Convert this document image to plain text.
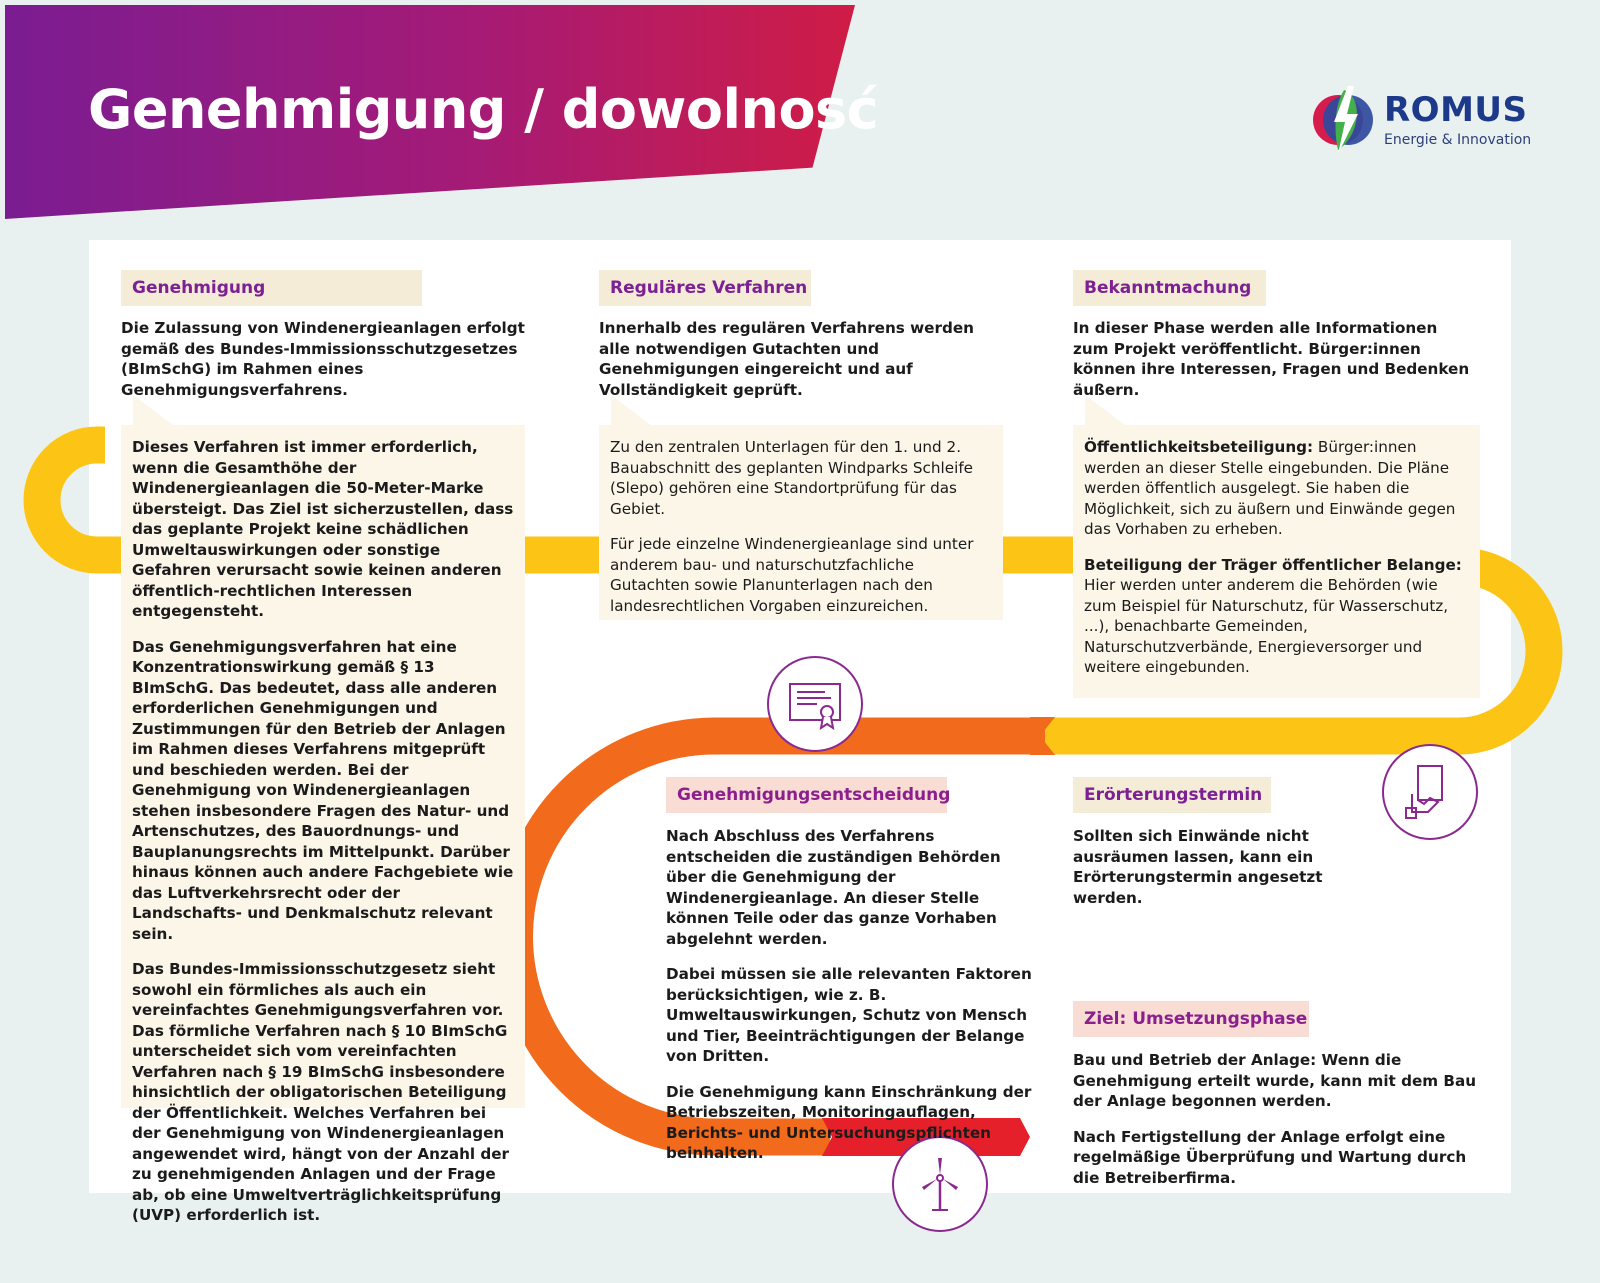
Genehmigung / dowolnosć	ROMUS
Energie & Innovation
Genehmigung

Die Zulassung von Windenergieanlagen erfolgt gemäß des Bundes-Immissionsschutzgesetzes (BImSchG) im Rahmen eines Genehmigungsverfahrens.

Dieses Verfahren ist immer erforderlich, wenn die Gesamthöhe der Windenergieanlagen die 50-Meter-Marke übersteigt. Das Ziel ist sicherzustellen, dass das geplante Projekt keine schädlichen Umweltauswirkungen oder sonstige Gefahren verursacht sowie keinen anderen öffentlich-rechtlichen Interessen entgegensteht.

Das Genehmigungsverfahren hat eine Konzentrationswirkung gemäß § 13 BImSchG. Das bedeutet, dass alle anderen erforderlichen Genehmigungen und Zustimmungen für den Betrieb der Anlagen im Rahmen dieses Verfahrens mitgeprüft und beschieden werden. Bei der Genehmigung von Windenergieanlagen stehen insbesondere Fragen des Natur- und Artenschutzes, des Bauordnungs- und Bauplanungsrechts im Mittelpunkt. Darüber hinaus können auch andere Fachgebiete wie das Luftverkehrsrecht oder der Landschafts- und Denkmalschutz relevant sein.

Das Bundes-Immissionsschutzgesetz sieht sowohl ein förmliches als auch ein vereinfachtes Genehmigungsverfahren vor. Das förmliche Verfahren nach § 10 BImSchG unterscheidet sich vom vereinfachten Verfahren nach § 19 BImSchG insbesondere hinsichtlich der obligatorischen Beteiligung der Öffentlichkeit. Welches Verfahren bei der Genehmigung von Windenergieanlagen angewendet wird, hängt von der Anzahl der zu genehmigenden Anlagen und der Frage ab, ob eine Umweltverträglichkeitsprüfung (UVP) erforderlich ist.

Reguläres Verfahren

Innerhalb des regulären Verfahrens werden alle notwendigen Gutachten und Genehmigungen eingereicht und auf Vollständigkeit geprüft.

Zu den zentralen Unterlagen für den 1. und 2. Bauabschnitt des geplanten Windparks Schleife (Slepo) gehören eine Standortprüfung für das Gebiet.

Für jede einzelne Windenergieanlage sind unter anderem bau- und naturschutzfachliche Gutachten sowie Planunterlagen nach den landesrechtlichen Vorgaben einzureichen.

Bekanntmachung

In dieser Phase werden alle Informationen zum Projekt veröffentlicht. Bürger:innen können ihre Interessen, Fragen und Bedenken äußern.

Öffentlichkeitsbeteiligung: Bürger:innen werden an dieser Stelle eingebunden. Die Pläne werden öffentlich ausgelegt. Sie haben die Möglichkeit, sich zu äußern und Einwände gegen das Vorhaben zu erheben.

Beteiligung der Träger öffentlicher Belange: Hier werden unter anderem die Behörden (wie zum Beispiel für Naturschutz, für Wasserschutz, ...), benachbarte Gemeinden, Naturschutzverbände, Energieversorger und weitere eingebunden.

Genehmigungsentscheidung

Nach Abschluss des Verfahrens entscheiden die zuständigen Behörden über die Genehmigung der Windenergieanlage. An dieser Stelle können Teile oder das ganze Vorhaben abgelehnt werden.

Dabei müssen sie alle relevanten Faktoren berücksichtigen, wie z. B. Umweltauswirkungen, Schutz von Mensch und Tier, Beeinträchtigungen der Belange von Dritten.

Die Genehmigung kann Einschränkung der Betriebszeiten, Monitoringauflagen, Berichts- und Untersuchungspflichten beinhalten.

Erörterungstermin

Sollten sich Einwände nicht ausräumen lassen, kann ein Erörterungstermin angesetzt werden.

Ziel: Umsetzungsphase

Bau und Betrieb der Anlage: Wenn die Genehmigung erteilt wurde, kann mit dem Bau der Anlage begonnen werden.

Nach Fertigstellung der Anlage erfolgt eine regelmäßige Überprüfung und Wartung durch die Betreiberfirma.
